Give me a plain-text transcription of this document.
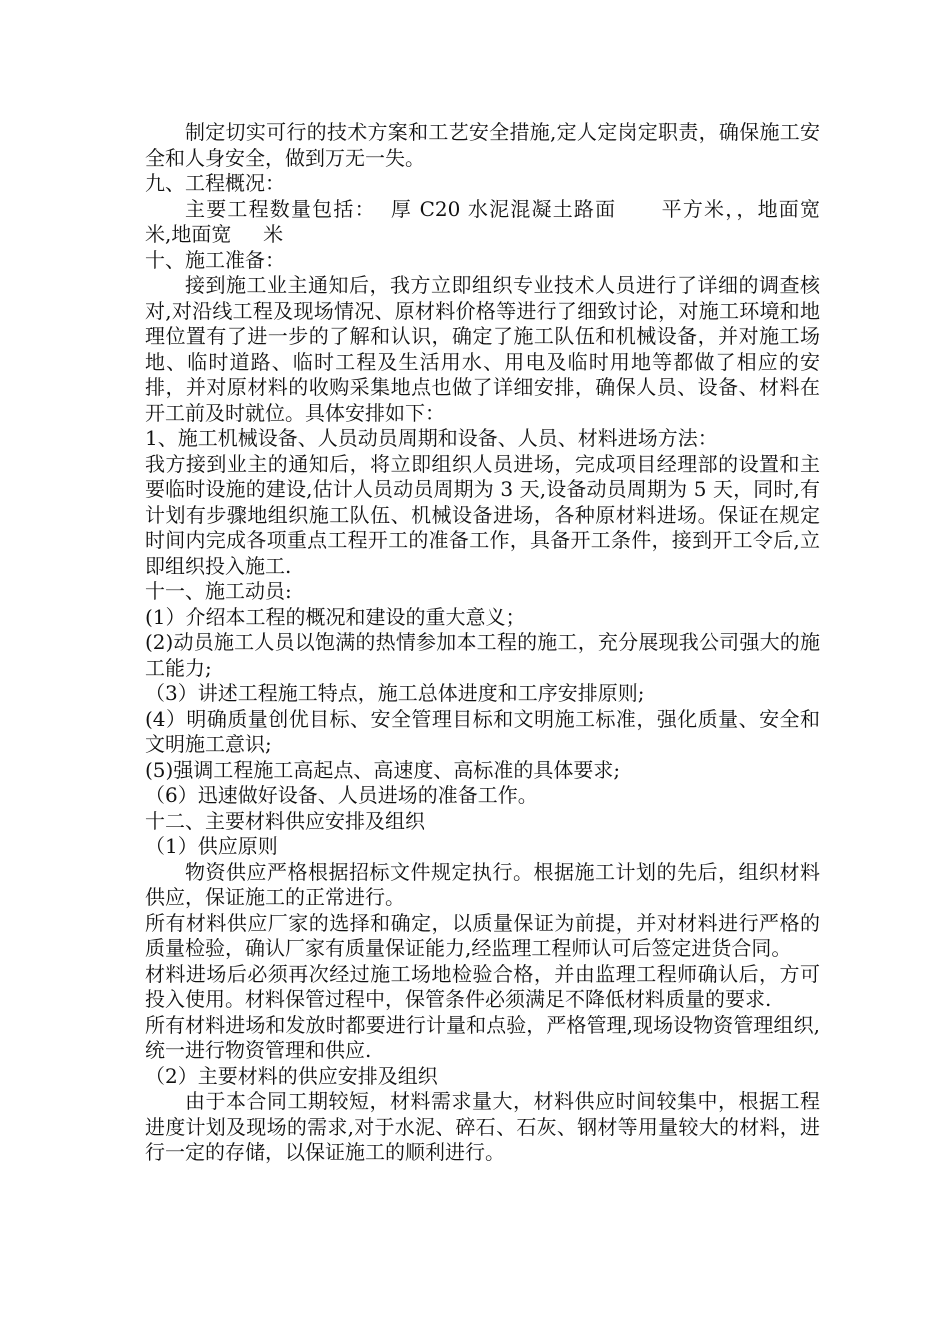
制定切实可行的技术方案和工艺安全措施,定人定岗定职责，确保施工安全和人身安全，做到万无一失。

九、工程概况：

主要工程数量包括：  厚 C20 水泥混凝土路面      平方米，，地面宽    米,地面宽     米

十、施工准备：

接到施工业主通知后，我方立即组织专业技术人员进行了详细的调查核对,对沿线工程及现场情况、原材料价格等进行了细致讨论，对施工环境和地理位置有了进一步的了解和认识，确定了施工队伍和机械设备，并对施工场地、临时道路、临时工程及生活用水、用电及临时用地等都做了相应的安排，并对原材料的收购采集地点也做了详细安排，确保人员、设备、材料在开工前及时就位。具体安排如下：

1、施工机械设备、人员动员周期和设备、人员、材料进场方法：

我方接到业主的通知后，将立即组织人员进场，完成项目经理部的设置和主要临时设施的建设,估计人员动员周期为 3 天,设备动员周期为 5 天，同时,有计划有步骤地组织施工队伍、机械设备进场，各种原材料进场。保证在规定时间内完成各项重点工程开工的准备工作，具备开工条件，接到开工令后,立即组织投入施工.

十一、施工动员:

(1）介绍本工程的概况和建设的重大意义；

(2)动员施工人员以饱满的热情参加本工程的施工，充分展现我公司强大的施工能力;

（3）讲述工程施工特点，施工总体进度和工序安排原则;

(4）明确质量创优目标、安全管理目标和文明施工标准，强化质量、安全和文明施工意识;

(5)强调工程施工高起点、高速度、高标准的具体要求;

（6）迅速做好设备、人员进场的准备工作。

十二、主要材料供应安排及组织

（1）供应原则

物资供应严格根据招标文件规定执行。根据施工计划的先后，组织材料供应，保证施工的正常进行。

所有材料供应厂家的选择和确定，以质量保证为前提，并对材料进行严格的质量检验，确认厂家有质量保证能力,经监理工程师认可后签定进货合同。

材料进场后必须再次经过施工场地检验合格，并由监理工程师确认后，方可投入使用。材料保管过程中，保管条件必须满足不降低材料质量的要求.

所有材料进场和发放时都要进行计量和点验，严格管理,现场设物资管理组织,统一进行物资管理和供应.

（2）主要材料的供应安排及组织

由于本合同工期较短，材料需求量大，材料供应时间较集中，根据工程进度计划及现场的需求,对于水泥、碎石、石灰、钢材等用量较大的材料，进行一定的存储，以保证施工的顺利进行。
